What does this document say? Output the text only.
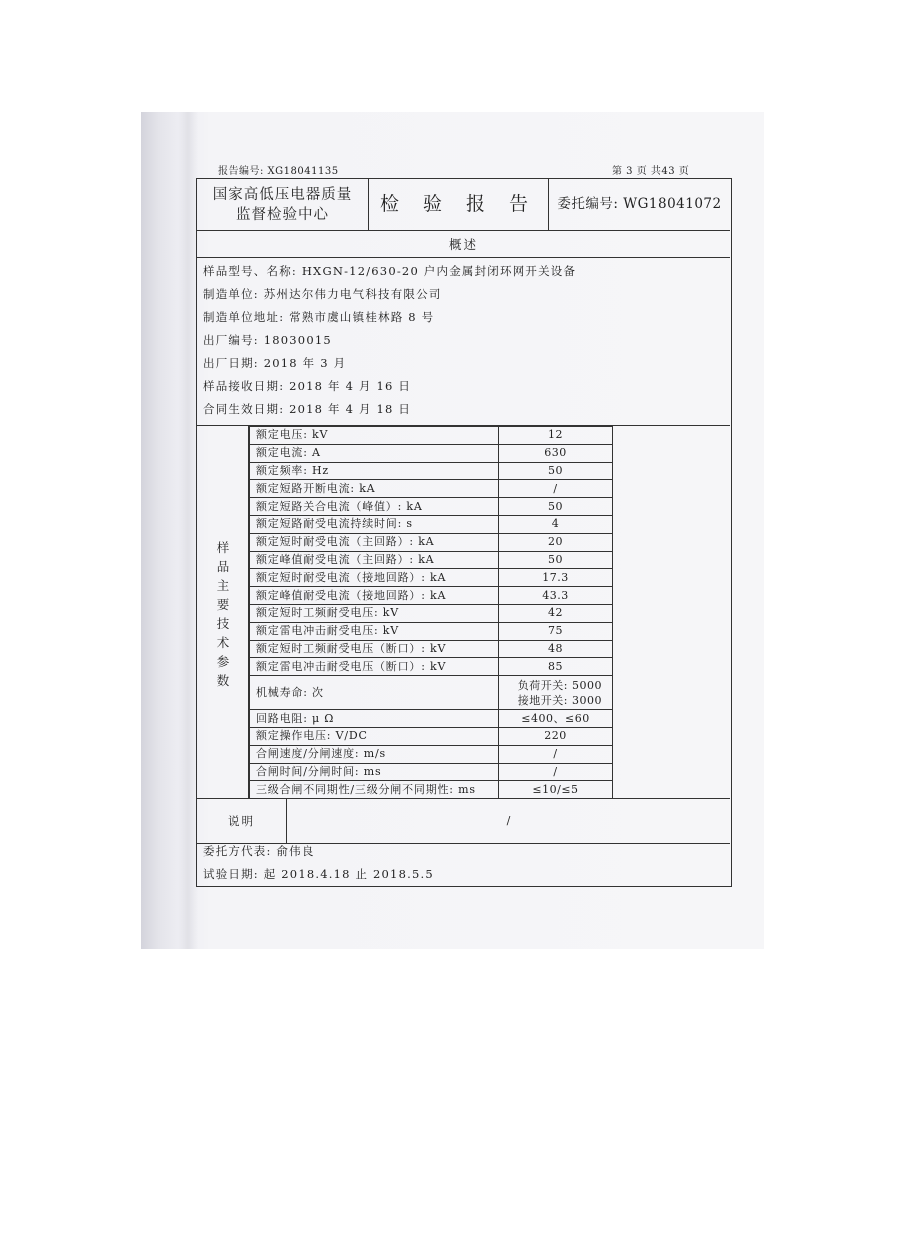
报告编号: XG18041135	第 3 页 共43 页
国家高低压电器质量
监督检验中心	检 验 报 告	委托编号: WG18041072
概述
样品型号、名称: HXGN-12/630-20 户内金属封闭环网开关设备
制造单位: 苏州达尔伟力电气科技有限公司
制造单位地址: 常熟市虞山镇桂林路 8 号
出厂编号: 18030015
出厂日期: 2018 年 3 月
样品接收日期: 2018 年 4 月 16 日
合同生效日期: 2018 年 4 月 18 日
样
品
主
要
技
术
参
数
额定电压: kV	12
额定电流: A	630
额定频率: Hz	50
额定短路开断电流: kA	/
额定短路关合电流（峰值）: kA	50
额定短路耐受电流持续时间: s	4
额定短时耐受电流（主回路）: kA	20
额定峰值耐受电流（主回路）: kA	50
额定短时耐受电流（接地回路）: kA	17.3
额定峰值耐受电流（接地回路）: kA	43.3
额定短时工频耐受电压: kV	42
额定雷电冲击耐受电压: kV	75
额定短时工频耐受电压（断口）: kV	48
额定雷电冲击耐受电压（断口）: kV	85
机械寿命: 次	负荷开关: 5000
接地开关: 3000

回路电阻: μ Ω	≤400、≤60
额定操作电压: V/DC	220
合闸速度/分闸速度: m/s	/
合闸时间/分闸时间: ms	/
三级合闸不同期性/三级分闸不同期性: ms	≤10/≤5
说明	/
委托方代表: 俞伟良
试验日期: 起 2018.4.18 止 2018.5.5
